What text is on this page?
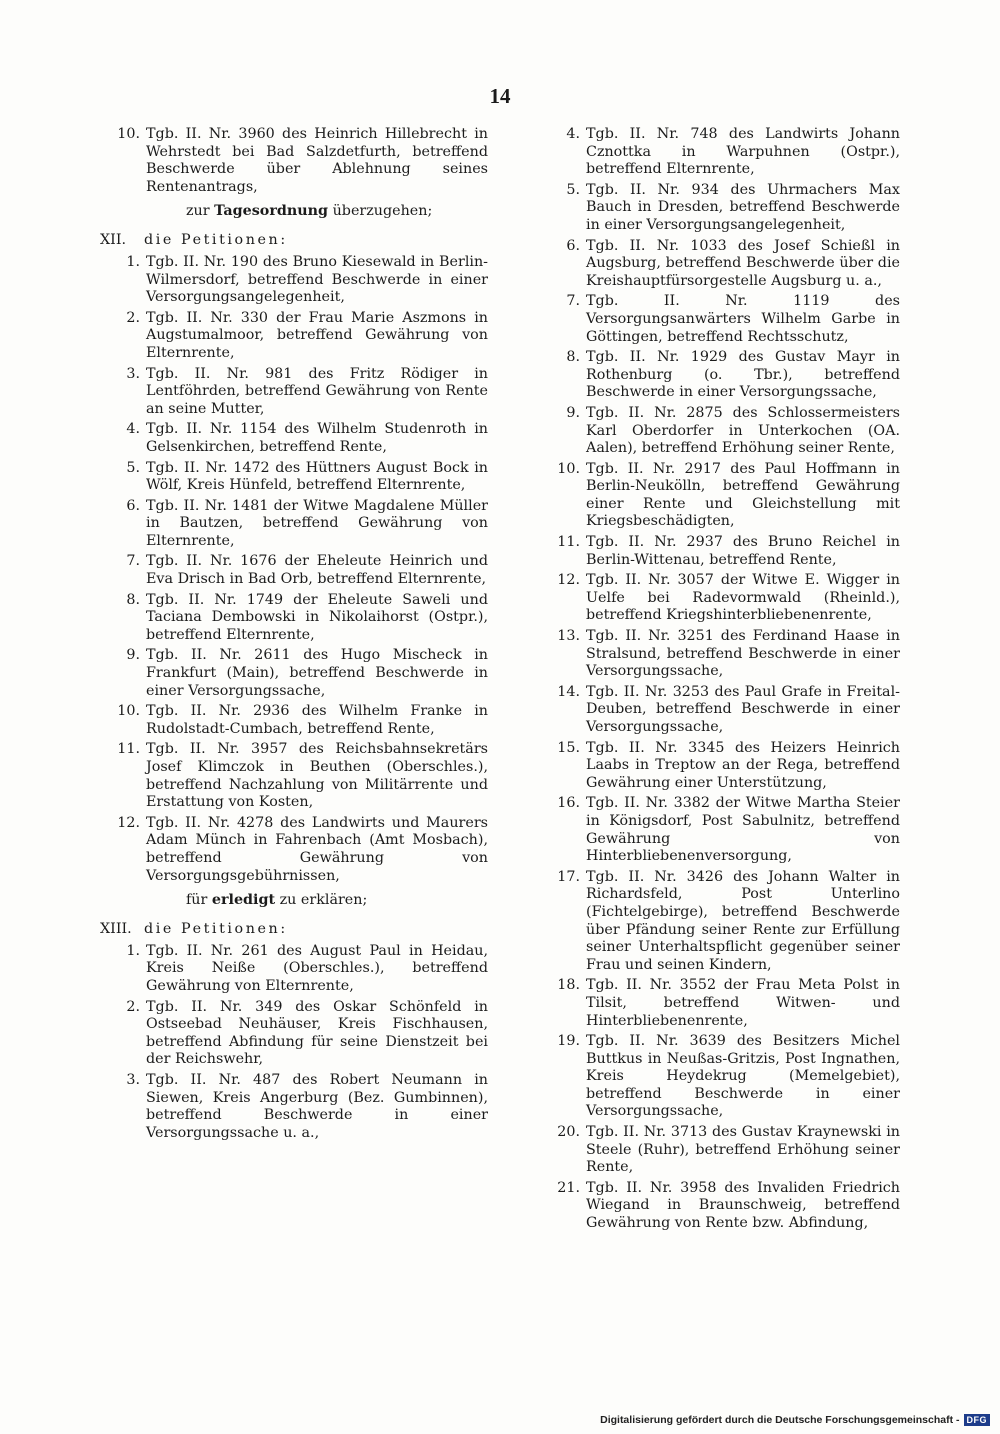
14
10. Tgb. II. Nr. 3960 des Heinrich Hillebrecht in Wehrstedt bei Bad Salzdetfurth, betreffend Beschwerde über Ablehnung seines Rentenantrags,
zur Tagesordnung überzugehen;
XII. die Petitionen:
1. Tgb. II. Nr. 190 des Bruno Kiesewald in Berlin-Wilmersdorf, betreffend Beschwerde in einer Versorgungsangelegenheit,
2. Tgb. II. Nr. 330 der Frau Marie Aszmons in Augstumalmoor, betreffend Gewährung von Elternrente,
3. Tgb. II. Nr. 981 des Fritz Rödiger in Lentföhrden, betreffend Gewährung von Rente an seine Mutter,
4. Tgb. II. Nr. 1154 des Wilhelm Studenroth in Gelsenkirchen, betreffend Rente,
5. Tgb. II. Nr. 1472 des Hüttners August Bock in Wölf, Kreis Hünfeld, betreffend Elternrente,
6. Tgb. II. Nr. 1481 der Witwe Magdalene Müller in Bautzen, betreffend Gewährung von Elternrente,
7. Tgb. II. Nr. 1676 der Eheleute Heinrich und Eva Drisch in Bad Orb, betreffend Elternrente,
8. Tgb. II. Nr. 1749 der Eheleute Saweli und Taciana Dembowski in Nikolaihorst (Ostpr.), betreffend Elternrente,
9. Tgb. II. Nr. 2611 des Hugo Mischeck in Frankfurt (Main), betreffend Beschwerde in einer Versorgungssache,
10. Tgb. II. Nr. 2936 des Wilhelm Franke in Rudolstadt-Cumbach, betreffend Rente,
11. Tgb. II. Nr. 3957 des Reichsbahnsekretärs Josef Klimczok in Beuthen (Oberschles.), betreffend Nachzahlung von Militärrente und Erstattung von Kosten,
12. Tgb. II. Nr. 4278 des Landwirts und Maurers Adam Münch in Fahrenbach (Amt Mosbach), betreffend Gewährung von Versorgungsgebührnissen,
für erledigt zu erklären;
XIII. die Petitionen:
1. Tgb. II. Nr. 261 des August Paul in Heidau, Kreis Neiße (Oberschles.), betreffend Gewährung von Elternrente,
2. Tgb. II. Nr. 349 des Oskar Schönfeld in Ostseebad Neuhäuser, Kreis Fischhausen, betreffend Abfindung für seine Dienstzeit bei der Reichswehr,
3. Tgb. II. Nr. 487 des Robert Neumann in Siewen, Kreis Angerburg (Bez. Gumbinnen), betreffend Beschwerde in einer Versorgungssache u. a.,
4. Tgb. II. Nr. 748 des Landwirts Johann Cznottka in Warpuhnen (Ostpr.), betreffend Elternrente,
5. Tgb. II. Nr. 934 des Uhrmachers Max Bauch in Dresden, betreffend Beschwerde in einer Versorgungsangelegenheit,
6. Tgb. II. Nr. 1033 des Josef Schießl in Augsburg, betreffend Beschwerde über die Kreishauptfürsorgestelle Augsburg u. a.,
7. Tgb. II. Nr. 1119 des Versorgungsanwärters Wilhelm Garbe in Göttingen, betreffend Rechtsschutz,
8. Tgb. II. Nr. 1929 des Gustav Mayr in Rothenburg (o. Tbr.), betreffend Beschwerde in einer Versorgungssache,
9. Tgb. II. Nr. 2875 des Schlossermeisters Karl Oberdorfer in Unterkochen (OA. Aalen), betreffend Erhöhung seiner Rente,
10. Tgb. II. Nr. 2917 des Paul Hoffmann in Berlin-Neukölln, betreffend Gewährung einer Rente und Gleichstellung mit Kriegsbeschädigten,
11. Tgb. II. Nr. 2937 des Bruno Reichel in Berlin-Wittenau, betreffend Rente,
12. Tgb. II. Nr. 3057 der Witwe E. Wigger in Uelfe bei Radevormwald (Rheinld.), betreffend Kriegshinterbliebenenrente,
13. Tgb. II. Nr. 3251 des Ferdinand Haase in Stralsund, betreffend Beschwerde in einer Versorgungssache,
14. Tgb. II. Nr. 3253 des Paul Grafe in Freital-Deuben, betreffend Beschwerde in einer Versorgungssache,
15. Tgb. II. Nr. 3345 des Heizers Heinrich Laabs in Treptow an der Rega, betreffend Gewährung einer Unterstützung,
16. Tgb. II. Nr. 3382 der Witwe Martha Steier in Königsdorf, Post Sabulnitz, betreffend Gewährung von Hinterbliebenenversorgung,
17. Tgb. II. Nr. 3426 des Johann Walter in Richardsfeld, Post Unterlino (Fichtelgebirge), betreffend Beschwerde über Pfändung seiner Rente zur Erfüllung seiner Unterhaltspflicht gegenüber seiner Frau und seinen Kindern,
18. Tgb. II. Nr. 3552 der Frau Meta Polst in Tilsit, betreffend Witwen- und Hinterbliebenenrente,
19. Tgb. II. Nr. 3639 des Besitzers Michel Buttkus in Neußas-Gritzis, Post Ingnathen, Kreis Heydekrug (Memelgebiet), betreffend Beschwerde in einer Versorgungssache,
20. Tgb. II. Nr. 3713 des Gustav Kraynewski in Steele (Ruhr), betreffend Erhöhung seiner Rente,
21. Tgb. II. Nr. 3958 des Invaliden Friedrich Wiegand in Braunschweig, betreffend Gewährung von Rente bzw. Abfindung,
Digitalisierung gefördert durch die Deutsche Forschungsgemeinschaft - DFG
